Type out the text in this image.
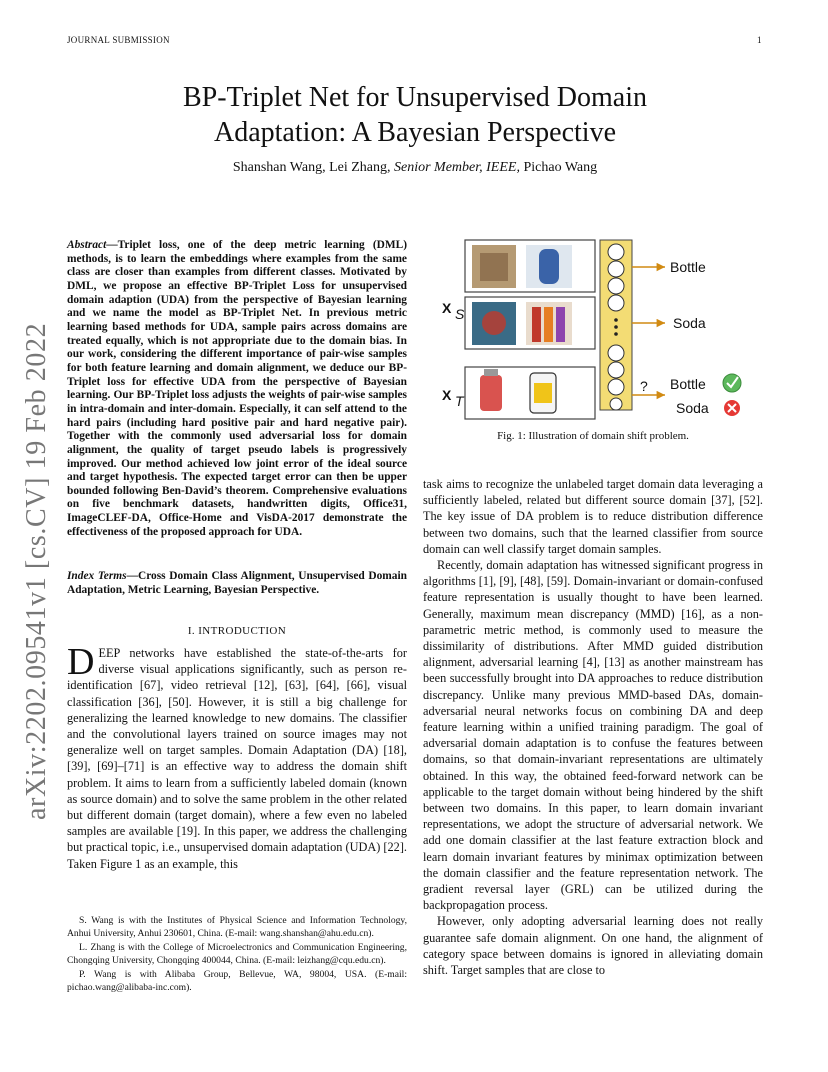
JOURNAL SUBMISSION	1
BP-Triplet Net for Unsupervised Domain
Adaptation: A Bayesian Perspective
Shanshan Wang, Lei Zhang, Senior Member, IEEE, Pichao Wang
arXiv:2202.09541v1 [cs.CV] 19 Feb 2022
Abstract—Triplet loss, one of the deep metric learning (DML) methods, is to learn the embeddings where examples from the same class are closer than examples from different classes. Motivated by DML, we propose an effective BP-Triplet Loss for unsupervised domain adaption (UDA) from the perspective of Bayesian learning and we name the model as BP-Triplet Net. In previous metric learning based methods for UDA, sample pairs across domains are treated equally, which is not appropriate due to the domain bias. In our work, considering the different importance of pair-wise samples for both feature learning and domain alignment, we deduce our BP-Triplet loss for effective UDA from the perspective of Bayesian learning. Our BP-Triplet loss adjusts the weights of pair-wise samples in intra-domain and inter-domain. Especially, it can self attend to the hard pairs (including hard positive pair and hard negative pair). Together with the commonly used adversarial loss for domain alignment, the quality of target pseudo labels is progressively improved. Our method achieved low joint error of the ideal source and target hypothesis. The expected target error can then be upper bounded following Ben-David’s theorem. Comprehensive evaluations on five benchmark datasets, handwritten digits, Office31, ImageCLEF-DA, Office-Home and VisDA-2017 demonstrate the effectiveness of the proposed approach for UDA.
Index Terms—Cross Domain Class Alignment, Unsupervised Domain Adaptation, Metric Learning, Bayesian Perspective.
I. INTRODUCTION
DEEP networks have established the state-of-the-arts for diverse visual applications significantly, such as person re-identification [67], video retrieval [12], [63], [64], [66], visual classification [36], [50]. However, it is still a big challenge for generalizing the learned knowledge to new domains. The classifier and the convolutional layers trained on source images may not generalize well on target samples. Domain Adaptation (DA) [18], [39], [69]–[71] is an effective way to address the domain shift problem. It aims to learn from a sufficiently labeled domain (known as source domain) and to solve the same problem in the other related but different domain (target domain), where a few even no labeled samples are available [19]. In this paper, we address the challenging but practical topic, i.e., unsupervised domain adaptation (UDA) [22]. Taken Figure 1 as an example, this

S. Wang is with the Institutes of Physical Science and Information Technology, Anhui University, Anhui 230601, China. (E-mail: wang.shanshan@ahu.edu.cn).

L. Zhang is with the College of Microelectronics and Communication Engineering, Chongqing University, Chongqing 400044, China. (E-mail: leizhang@cqu.edu.cn).

P. Wang is with Alibaba Group, Bellevue, WA, 98004, USA. (E-mail: pichao.wang@alibaba-inc.com).

X S
X T
Bottle
Soda
? Bottle
Soda
Fig. 1: Illustration of domain shift problem.

task aims to recognize the unlabeled target domain data leveraging a sufficiently labeled, related but different source domain [37], [52]. The key issue of DA problem is to reduce distribution difference between two domains, such that the learned classifier from source domain can well classify target domain samples.

Recently, domain adaptation has witnessed significant progress in algorithms [1], [9], [48], [59]. Domain-invariant or domain-confused feature representation is usually thought to have been learned. Generally, maximum mean discrepancy (MMD) [16], as a non-parametric metric method, is commonly used to measure the dissimilarity of distributions. After MMD guided distribution alignment, adversarial learning [4], [13] as another mainstream has been successfully brought into DA approaches to reduce distribution discrepancy. Unlike many previous MMD-based DAs, domain-adversarial neural networks focus on combining DA and deep feature learning within a unified training paradigm. The goal of adversarial domain adaptation is to confuse the features between domains, so that domain-invariant representations are ultimately obtained. In this way, the obtained feed-forward network can be applicable to the target domain without being hindered by the shift between two domains. In this paper, to learn domain invariant representations, we adopt the structure of adversarial network. We add one domain classifier at the last feature extraction block and learn domain invariant features by minimax optimization between the domain classifier and the feature representation network. The gradient reversal layer (GRL) can be utilized during the backpropagation process.

However, only adopting adversarial learning does not really guarantee safe domain alignment. On one hand, the alignment of category space between domains is ignored in alleviating domain shift. Target samples that are close to
